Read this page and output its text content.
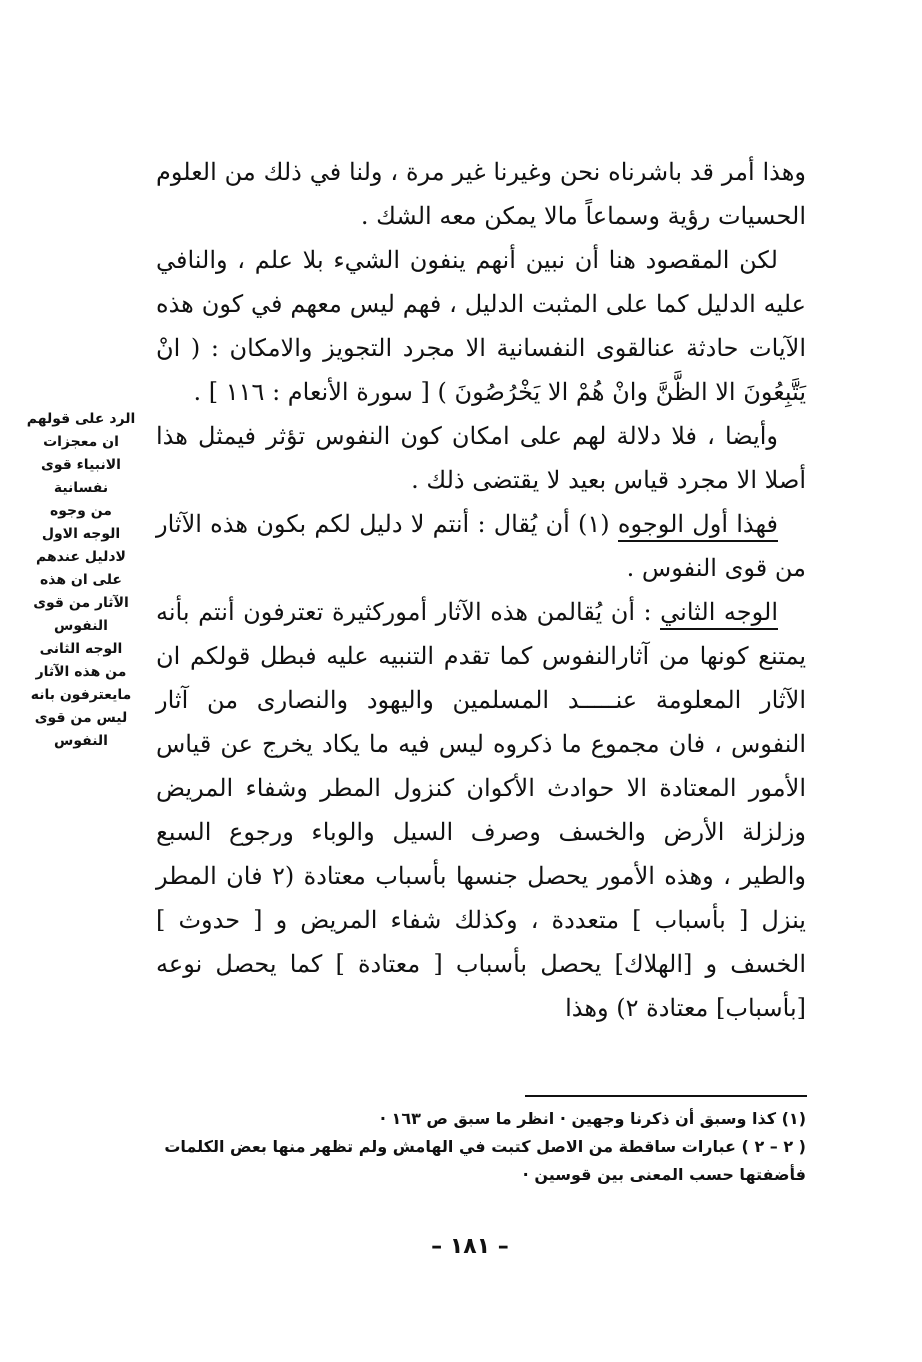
وهذا أمر قد باشرناه نحن وغيرنا غير مرة ، ولنا في ذلك من العلوم الحسيات رؤية وسماعاً مالا يمكن معه الشك .

لكن المقصود هنا أن نبين أنهم ينفون الشيء بلا علم ، والنافي عليه الدليل كما على المثبت الدليل ، فهم ليس معهم في كون هذه الآيات حادثة عنالقوى النفسانية الا مجرد التجويز والامكان : ( انْ يَتَّبِعُونَ الا الظَّنَّ وانْ هُمْ الا يَخْرُصُونَ ) [ سورة الأنعام : ١١٦ ] .

وأيضا ، فلا دلالة لهم على امكان كون النفوس تؤثر فيمثل هذا أصلا الا مجرد قياس بعيد لا يقتضى ذلك .

فهذا أول الوجوه (١) أن يُقال : أنتم لا دليل لكم بكون هذه الآثار من قوى النفوس .

الوجه الثاني : أن يُقالمن هذه الآثار أموركثيرة تعترفون أنتم بأنه يمتنع كونها من آثارالنفوس كما تقدم التنبيه عليه فبطل قولكم ان الآثار المعلومة عنـــــد المسلمين واليهود والنصارى من آثار النفوس ، فان مجموع ما ذكروه ليس فيه ما يكاد يخرج عن قياس الأمور المعتادة الا حوادث الأكوان كنزول المطر وشفاء المريض وزلزلة الأرض والخسف وصرف السيل والوباء ورجوع السبع والطير ، وهذه الأمور يحصل جنسها بأسباب معتادة (٢ فان المطر ينزل [ بأسباب ] متعددة ، وكذلك شفاء المريض و [ حدوث ] الخسف و [الهلاك] يحصل بأسباب [ معتادة ] كما يحصل نوعه [بأسباب] معتادة ٢) وهذا

الرد على قولهم
ان معجزات
الانبياء قوى
نفسانية
من وجوه
الوجه الاول
لادليل عندهم
على ان هذه
الآثار من قوى
النفوس
الوجه الثانى
من هذه الآثار
مايعترفون بانه
ليس من قوى
النفوس

(١) كذا وسبق أن ذكرنا وجهين · انظر ما سبق ص ١٦٣ ·

( ٢ – ٢ ) عبارات ساقطة من الاصل كتبت في الهامش ولم تظهر منها بعض الكلمات فأضفتها حسب المعنى بين قوسين ·

– ١٨١ –
